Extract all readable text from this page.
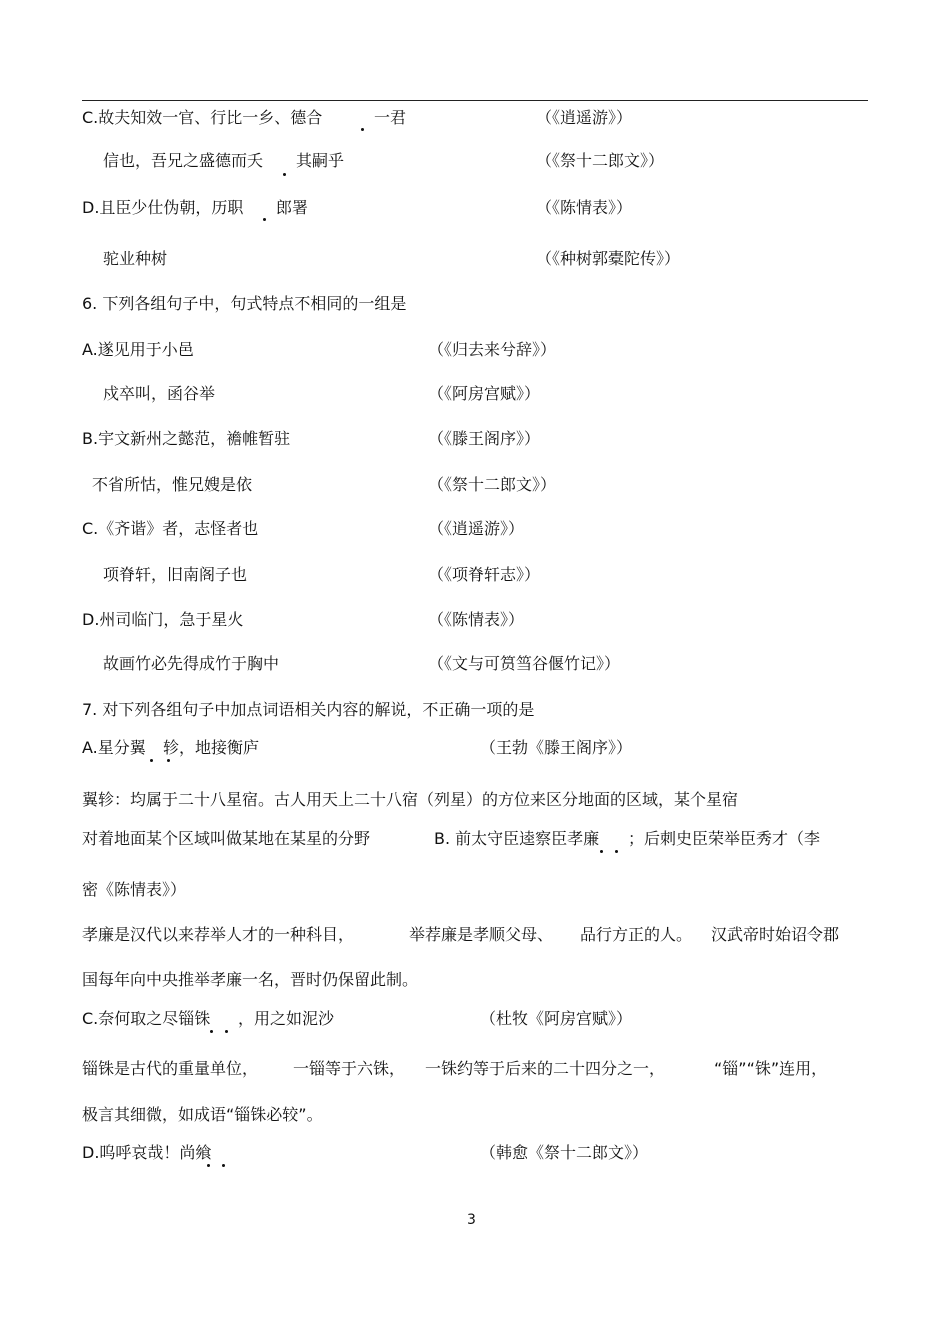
C.故夫知效一官、行比一乡、德合	一君	（《逍遥游》）
信也，吾兄之盛德而夭 其嗣乎	（《祭十二郎文》）
D.且臣少仕伪朝，历职 郎署	（《陈情表》）
驼业种树	（《种树郭橐陀传》）
6. 下列各组句子中，句式特点不相同的一组是
A.遂见用于小邑	（《归去来兮辞》）
戍卒叫，函谷举	（《阿房宫赋》）
B.宇文新州之懿范，襜帷暂驻	（《滕王阁序》）
不省所怙，惟兄嫂是依	（《祭十二郎文》）
C.《齐谐》者，志怪者也	（《逍遥游》）
项脊轩，旧南阁子也	（《项脊轩志》）
D.州司临门，急于星火	（《陈情表》）
故画竹必先得成竹于胸中	（《文与可筼筜谷偃竹记》）
7. 对下列各组句子中加点词语相关内容的解说，不正确一项的是
A.星分翼 轸，地接衡庐	（王勃《滕王阁序》）
翼轸：均属于二十八星宿。古人用天上二十八宿（列星）的方位来区分地面的区域，某个星宿
对着地面某个区域叫做某地在某星的分野	B. 前太守臣逵察臣孝廉 ；后刺史臣荣举臣秀才（李
密《陈情表》）
孝廉是汉代以来荐举人才的一种科目，	举荐廉是孝顺父母、 品行方正的人。 汉武帝时始诏令郡
国每年向中央推举孝廉一名，晋时仍保留此制。
C.奈何取之尽锱铢 ，用之如泥沙	（杜牧《阿房宫赋》）
锱铢是古代的重量单位， 一锱等于六铢， 一铢约等于后来的二十四分之一，	“锱”“铢”连用，
极言其细微，如成语“锱铢必较”。
D.呜呼哀哉！尚飨	（韩愈《祭十二郎文》）
3
